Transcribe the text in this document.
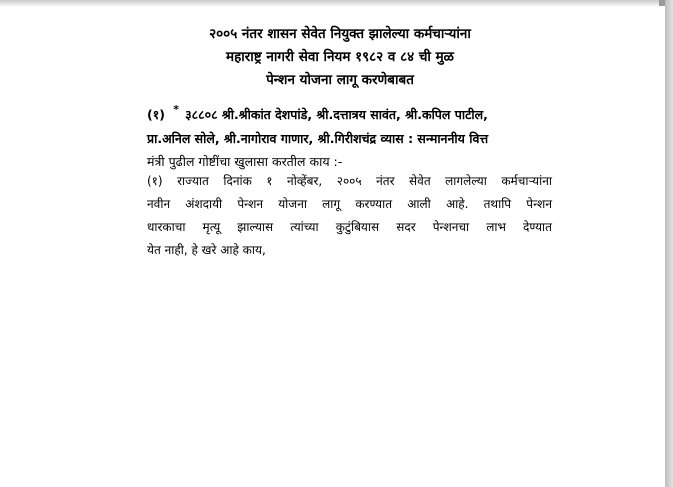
२००५ नंतर शासन सेवेत नियुक्त झालेल्या कर्मचाऱ्यांना
महाराष्ट्र नागरी सेवा नियम १९८२ व ८४ ची मुळ
पेन्शन योजना लागू करणेबाबत
(१) * ३८८०८ श्री.श्रीकांत देशपांडे, श्री.दत्तात्रय सावंत, श्री.कपिल पाटील,
प्रा.अनिल सोले, श्री.नागोराव गाणार, श्री.गिरीशचंद्र व्यास : सन्माननीय वित्त
मंत्री पुढील गोष्टींचा खुलासा करतील काय :-
(१) राज्यात दिनांक १ नोव्हेंबर, २००५ नंतर सेवेत लागलेल्या कर्मचाऱ्यांना
नवीन अंशदायी पेन्शन योजना लागू करण्यात आली आहे. तथापि पेन्शन
धारकाचा मृत्यू झाल्यास त्यांच्या कुटुंबियास सदर पेन्शनचा लाभ देण्यात
येत नाही, हे खरे आहे काय,
